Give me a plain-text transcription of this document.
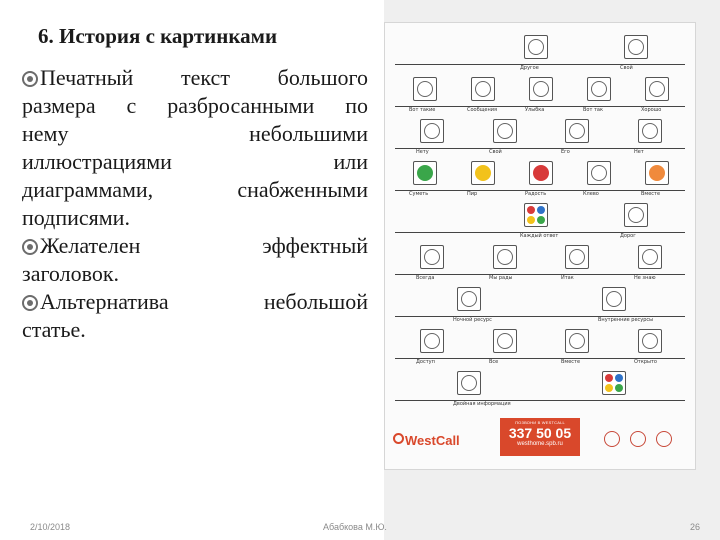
6. История с картинками
Печатный текст большого
размера с разбросанными по
нему небольшими
иллюстрациями или
диаграммами, снабженными
подписями.
Желателен эффектный
заголовок.
Альтернатива небольшой
статье.
Другое	Свой
Вот такие	Сообщения	Улыбка	Вот так	Хорошо
Нету	Свой	Его	Нет
Суметь	Пир	Радость	Клево	Вместе
Каждый ответ	Дорог
Всегда	Мы рады	Итак	Не знаю
Ночной ресурс	Внутренние ресурсы
Доступ	Все	Вместе	Открыто
Двойная информация
WestCall
ПОЗВОНИ В WESTCALL
337 50 05
westhome.spb.ru
2/10/2018	Абабкова М.Ю.	26
